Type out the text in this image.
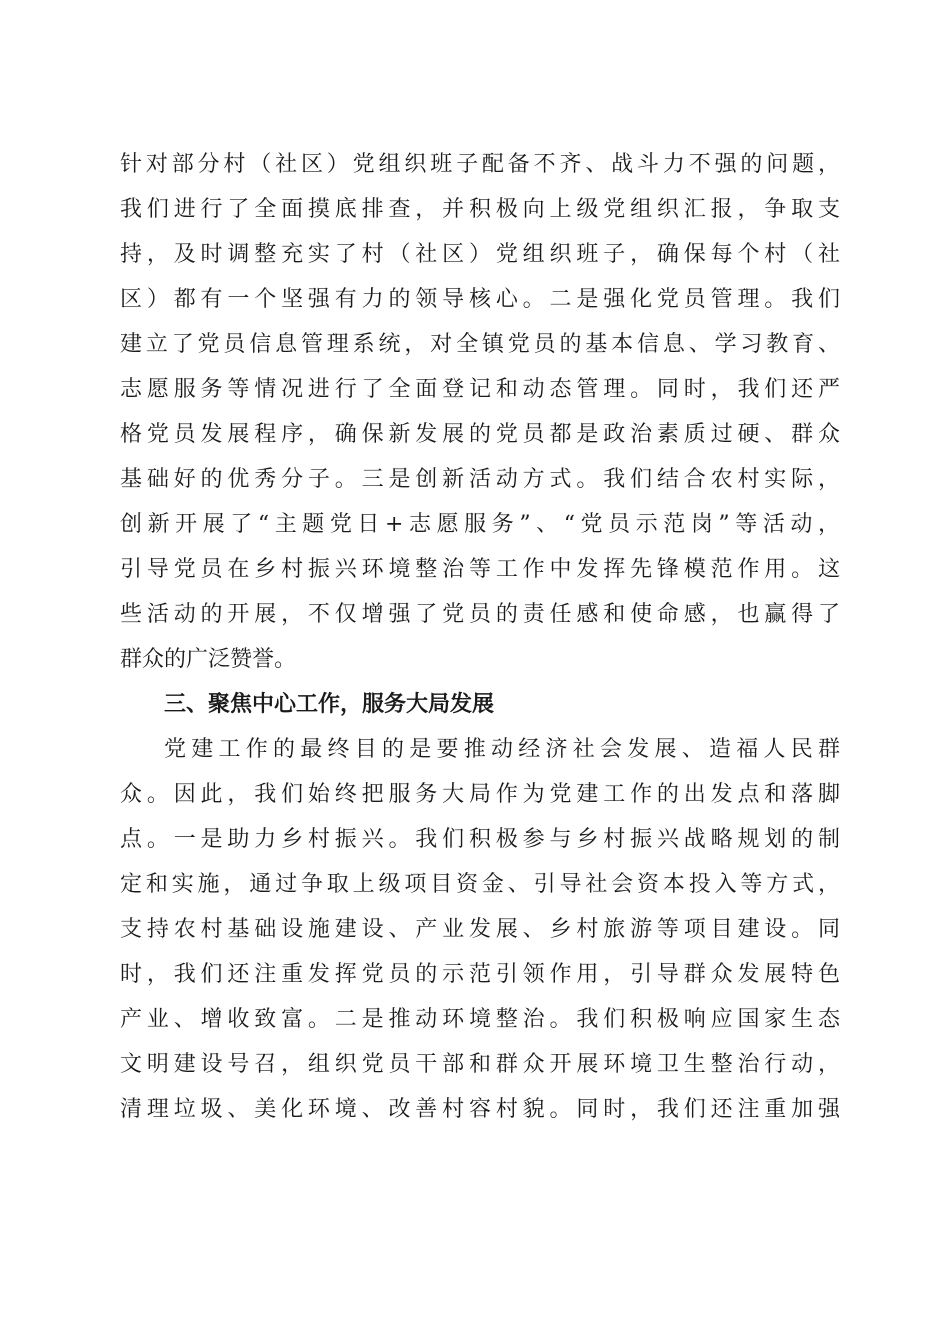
针对部分村（社区）党组织班子配备不齐、战斗力不强的问题，
我们进行了全面摸底排查，并积极向上级党组织汇报，争取支
持，及时调整充实了村（社区）党组织班子，确保每个村（社
区）都有一个坚强有力的领导核心。二是强化党员管理。我们
建立了党员信息管理系统，对全镇党员的基本信息、学习教育、
志愿服务等情况进行了全面登记和动态管理。同时，我们还严
格党员发展程序，确保新发展的党员都是政治素质过硬、群众
基础好的优秀分子。三是创新活动方式。我们结合农村实际，
创新开展了“主题党日+志愿服务”、“党员示范岗”等活动，
引导党员在乡村振兴环境整治等工作中发挥先锋模范作用。这
些活动的开展，不仅增强了党员的责任感和使命感，也赢得了
群众的广泛赞誉。
三、聚焦中心工作，服务大局发展
党建工作的最终目的是要推动经济社会发展、造福人民群
众。因此，我们始终把服务大局作为党建工作的出发点和落脚
点。一是助力乡村振兴。我们积极参与乡村振兴战略规划的制
定和实施，通过争取上级项目资金、引导社会资本投入等方式，
支持农村基础设施建设、产业发展、乡村旅游等项目建设。同
时，我们还注重发挥党员的示范引领作用，引导群众发展特色
产业、增收致富。二是推动环境整治。我们积极响应国家生态
文明建设号召，组织党员干部和群众开展环境卫生整治行动，
清理垃圾、美化环境、改善村容村貌。同时，我们还注重加强
